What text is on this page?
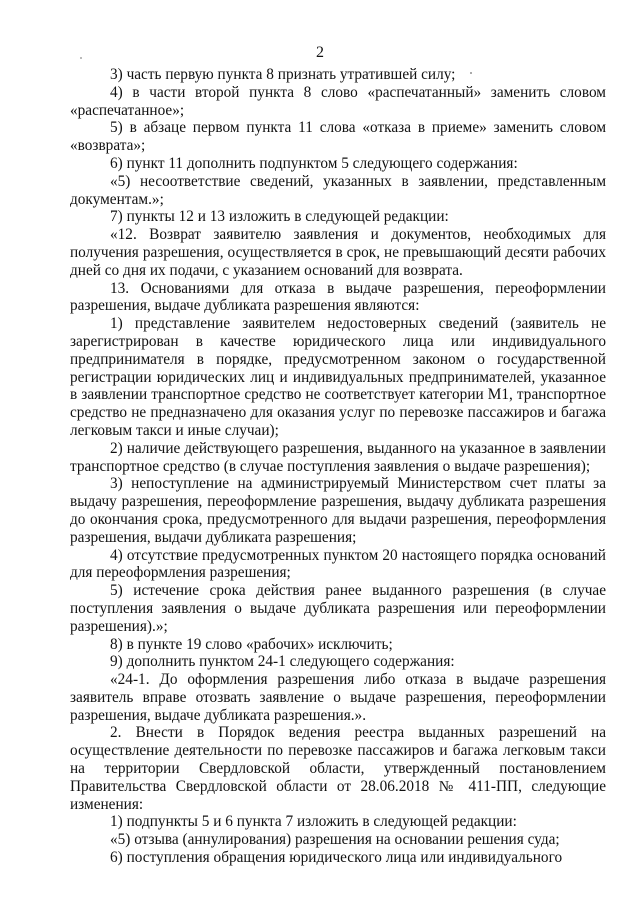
2

3) часть первую пункта 8 признать утратившей силу;

4) в части второй пункта 8 слово «распечатанный» заменить словом «распечатанное»;

5) в абзаце первом пункта 11 слова «отказа в приеме» заменить словом «возврата»;

6) пункт 11 дополнить подпунктом 5 следующего содержания:

«5) несоответствие сведений, указанных в заявлении, представленным документам.»;

7) пункты 12 и 13 изложить в следующей редакции:

«12. Возврат заявителю заявления и документов, необходимых для получения разрешения, осуществляется в срок, не превышающий десяти рабочих дней со дня их подачи, с указанием оснований для возврата.

13. Основаниями для отказа в выдаче разрешения, переоформлении разрешения, выдаче дубликата разрешения являются:

1) представление заявителем недостоверных сведений (заявитель не зарегистрирован в качестве юридического лица или индивидуального предпринимателя в порядке, предусмотренном законом о государственной регистрации юридических лиц и индивидуальных предпринимателей, указанное в заявлении транспортное средство не соответствует категории М1, транспортное средство не предназначено для оказания услуг по перевозке пассажиров и багажа легковым такси и иные случаи);

2) наличие действующего разрешения, выданного на указанное в заявлении транспортное средство (в случае поступления заявления о выдаче разрешения);

3) непоступление на администрируемый Министерством счет платы за выдачу разрешения, переоформление разрешения, выдачу дубликата разрешения до окончания срока, предусмотренного для выдачи разрешения, переоформления разрешения, выдачи дубликата разрешения;

4) отсутствие предусмотренных пунктом 20 настоящего порядка оснований для переоформления разрешения;

5) истечение срока действия ранее выданного разрешения (в случае поступления заявления о выдаче дубликата разрешения или переоформлении разрешения).»;

8) в пункте 19 слово «рабочих» исключить;

9) дополнить пунктом 24-1 следующего содержания:

«24-1. До оформления разрешения либо отказа в выдаче разрешения заявитель вправе отозвать заявление о выдаче разрешения, переоформлении разрешения, выдаче дубликата разрешения.».

2. Внести в Порядок ведения реестра выданных разрешений на осуществление деятельности по перевозке пассажиров и багажа легковым такси на территории Свердловской области, утвержденный постановлением Правительства Свердловской области от 28.06.2018 № 411-ПП, следующие изменения:

1) подпункты 5 и 6 пункта 7 изложить в следующей редакции:

«5) отзыва (аннулирования) разрешения на основании решения суда;

6) поступления обращения юридического лица или индивидуального
